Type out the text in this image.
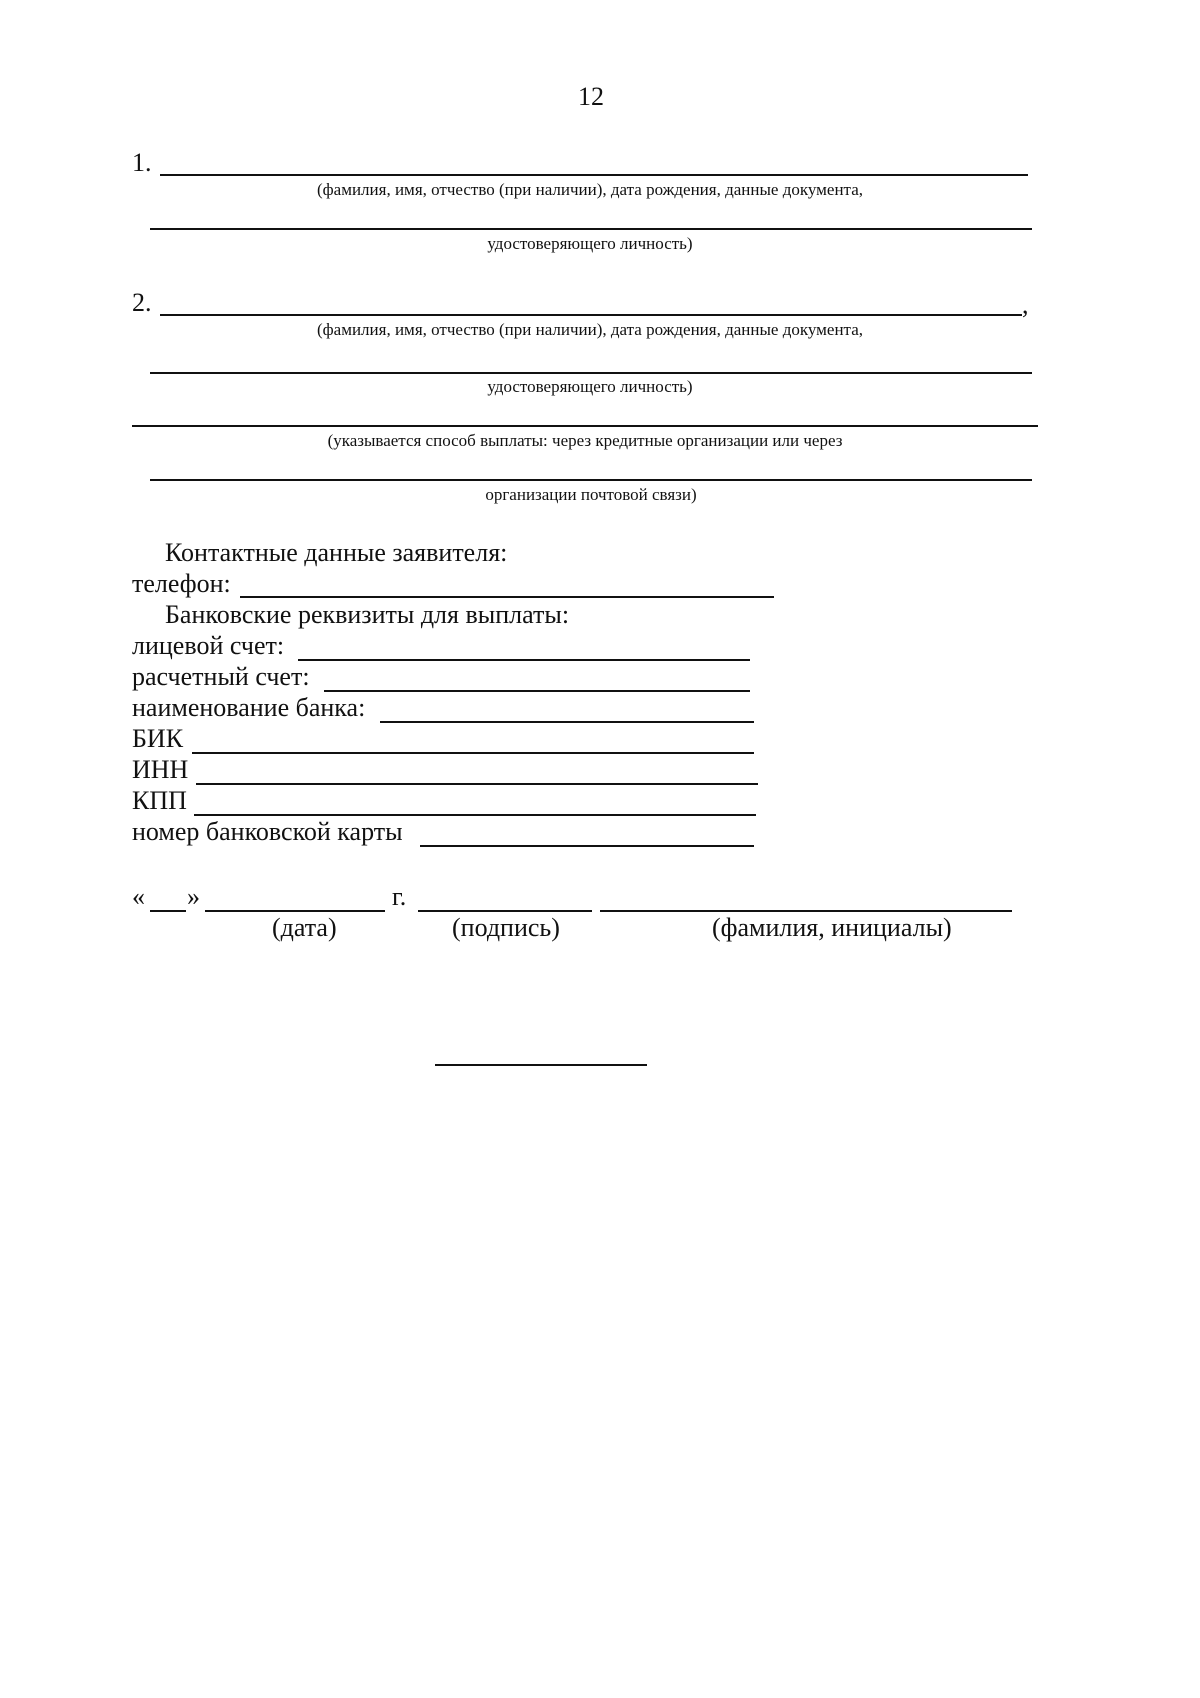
12
1.
(фамилия, имя, отчество (при наличии), дата рождения, данные документа,
удостоверяющего личность)
2.	,
(фамилия, имя, отчество (при наличии), дата рождения, данные документа,
удостоверяющего личность)
(указывается способ выплаты: через кредитные организации или через
организации почтовой связи)
Контактные данные заявителя:
телефон:
Банковские реквизиты для выплаты:
лицевой счет:
расчетный счет:
наименование банка:
БИК
ИНН
КПП
номер банковской карты
« »	г.
(дата)	(подпись)	(фамилия, инициалы)
